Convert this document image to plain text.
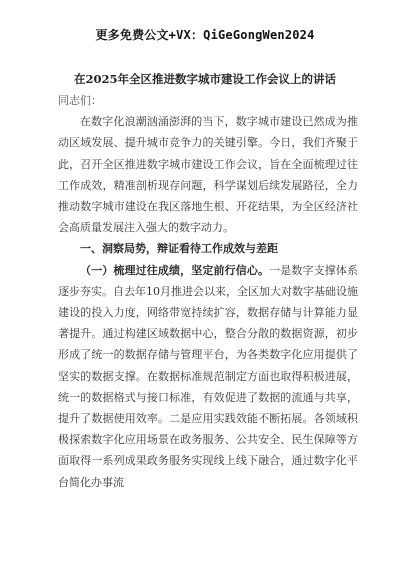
更多免费公文+VX：QiGeGongWen2024
在2025年全区推进数字城市建设工作会议上的讲话

同志们：

在数字化浪潮汹涌澎湃的当下，数字城市建设已然成为推动区域发展、提升城市竞争力的关键引擎。今日，我们齐聚于此，召开全区推进数字城市建设工作会议，旨在全面梳理过往工作成效，精准剖析现存问题，科学谋划后续发展路径，全力推动数字城市建设在我区落地生根、开花结果，为全区经济社会高质量发展注入强大的数字动力。

一、洞察局势，辩证看待工作成效与差距

（一）梳理过往成绩，坚定前行信心。一是数字支撑体系逐步夯实。自去年10月推进会以来，全区加大对数字基础设施建设的投入力度，网络带宽持续扩容，数据存储与计算能力显著提升。通过构建区域数据中心，整合分散的数据资源，初步形成了统一的数据存储与管理平台，为各类数字化应用提供了坚实的数据支撑。在数据标准规范制定方面也取得积极进展，统一的数据格式与接口标准，有效促进了数据的流通与共享，提升了数据使用效率。二是应用实践效能不断拓展。各领域积极探索数字化应用场景在政务服务、公共安全、民生保障等方面取得一系列成果政务服务实现线上线下融合，通过数字化平台简化办事流
